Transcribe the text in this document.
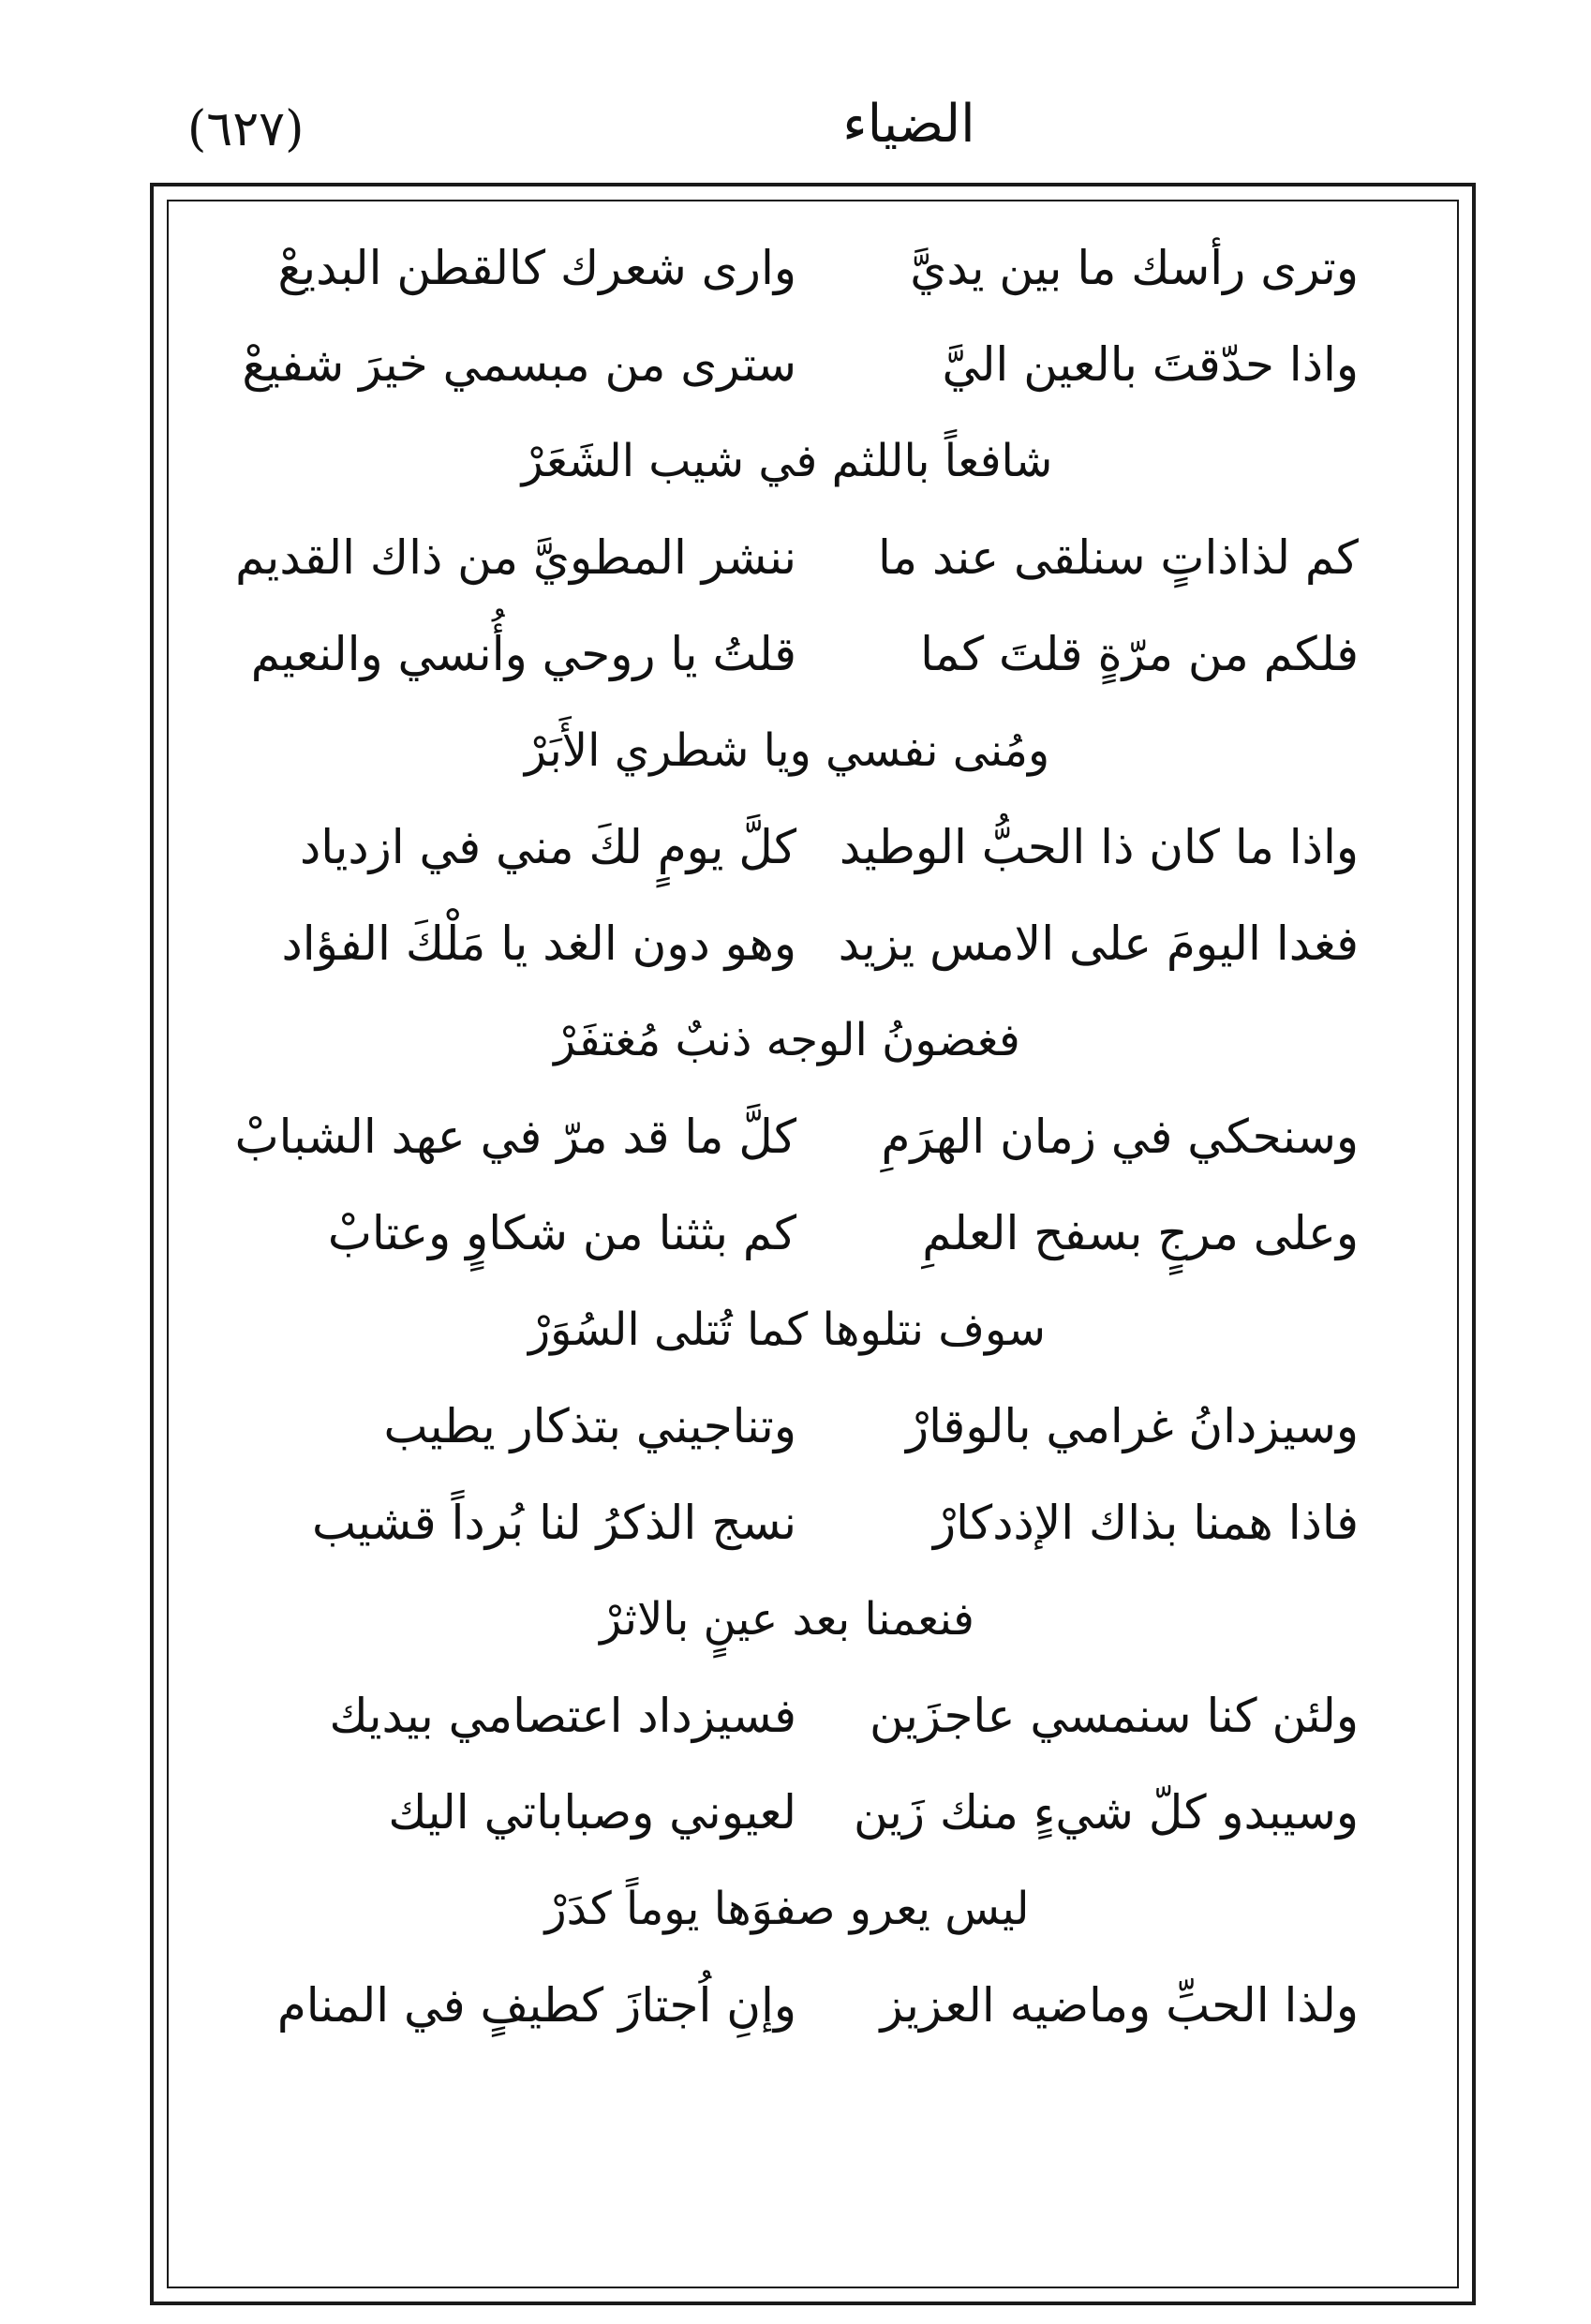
(٦٢٧)	الضياء
وترى رأسك ما بين يديَّ
وارى شعرك كالقطن البديعْ
واذا حدّقتَ بالعين اليَّ
سترى من مبسمي خيرَ شفيعْ
شافعاً باللثم في شيب الشَعَرْ
كم لذاذاتٍ سنلقى عند ما
ننشر المطويَّ من ذاك القديم
فلكم من مرّةٍ قلتَ كما
قلتُ يا روحي وأُنسي والنعيم
ومُنى نفسي ويا شطري الأَبَرْ
واذا ما كان ذا الحبُّ الوطيد
كلَّ يومٍ لكَ مني في ازدياد
فغدا اليومَ على الامس يزيد
وهو دون الغد يا مَلْكَ الفؤاد
فغضونُ الوجه ذنبٌ مُغتفَرْ
وسنحكي في زمان الهرَمِ
كلَّ ما قد مرّ في عهد الشبابْ
وعلى مرجٍ بسفح العلمِ
كم بثثنا من شكاوٍ وعتابْ
سوف نتلوها كما تُتلى السُوَرْ
وسيزدانُ غرامي بالوقارْ
وتناجيني بتذكار يطيب
فاذا همنا بذاك الإذدكارْ
نسج الذكرُ لنا بُرداً قشيب
فنعمنا بعد عينٍ بالاثرْ
ولئن كنا سنمسي عاجزَين
فسيزداد اعتصامي بيديك
وسيبدو كلّ شيءٍ منك زَين
لعيوني وصباباتي اليك
ليس يعرو صفوَها يوماً كدَرْ
ولذا الحبِّ وماضيه العزيز
وإنِ اُجتازَ كطيفٍ في المنام
